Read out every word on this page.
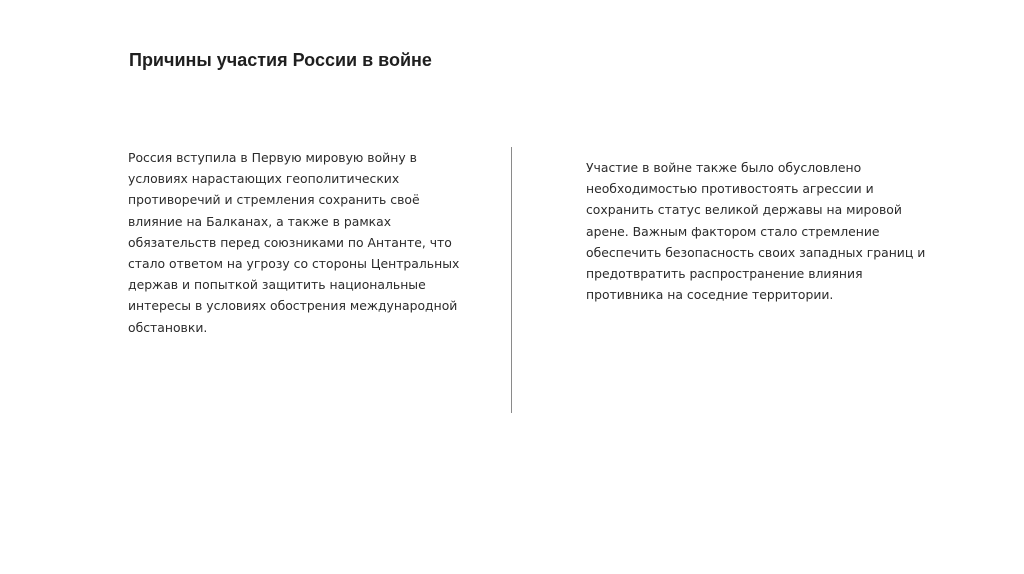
Причины участия России в войне

Россия вступила в Первую мировую войну в условиях нарастающих геополитических противоречий и стремления сохранить своё влияние на Балканах, а также в рамках обязательств перед союзниками по Антанте, что стало ответом на угрозу со стороны Центральных держав и попыткой защитить национальные интересы в условиях обострения международной обстановки.

Участие в войне также было обусловлено необходимостью противостоять агрессии и сохранить статус великой державы на мировой арене. Важным фактором стало стремление обеспечить безопасность своих западных границ и предотвратить распространение влияния противника на соседние территории.
